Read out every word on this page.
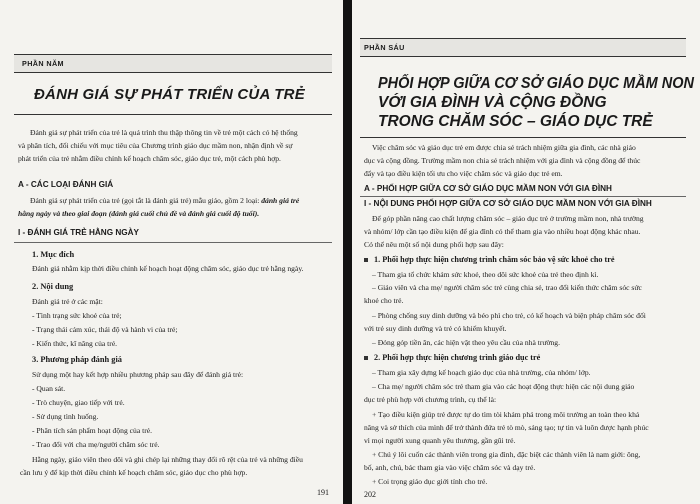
PHẦN NĂM
ĐÁNH GIÁ SỰ PHÁT TRIỂN CỦA TRẺ
Đánh giá sự phát triển của trẻ là quá trình thu thập thông tin về trẻ một cách có hệ thống
và phân tích, đối chiếu với mục tiêu của Chương trình giáo dục mầm non, nhận định về sự
phát triển của trẻ nhằm điều chỉnh kế hoạch chăm sóc, giáo dục trẻ, một cách phù hợp.
A - CÁC LOẠI ĐÁNH GIÁ
Đánh giá sự phát triển của trẻ (gọi tắt là đánh giá trẻ) mẫu giáo, gồm 2 loại: đánh giá trẻ
hằng ngày và theo giai đoạn (đánh giá cuối chủ đề và đánh giá cuối độ tuổi).
I - ĐÁNH GIÁ TRẺ HẰNG NGÀY
1. Mục đích
Đánh giá nhằm kịp thời điều chỉnh kế hoạch hoạt động chăm sóc, giáo dục trẻ hằng ngày.
2. Nội dung
Đánh giá trẻ ở các mặt:
- Tình trạng sức khoẻ của trẻ;
- Trạng thái cảm xúc, thái độ và hành vi của trẻ;
- Kiến thức, kĩ năng của trẻ.
3. Phương pháp đánh giá
Sử dụng một hay kết hợp nhiều phương pháp sau đây để đánh giá trẻ:
- Quan sát.
- Trò chuyện, giao tiếp với trẻ.
- Sử dụng tình huống.
- Phân tích sản phẩm hoạt động của trẻ.
- Trao đổi với cha mẹ/người chăm sóc trẻ.
Hằng ngày, giáo viên theo dõi và ghi chép lại những thay đổi rõ rệt của trẻ và những điều
cần lưu ý để kịp thời điều chỉnh kế hoạch chăm sóc, giáo dục cho phù hợp.
191
PHẦN SÁU
PHỐI HỢP GIỮA CƠ SỞ GIÁO DỤC MẦM NON
VỚI GIA ĐÌNH VÀ CỘNG ĐỒNG
TRONG CHĂM SÓC – GIÁO DỤC TRẺ
Việc chăm sóc và giáo dục trẻ em được chia sẻ trách nhiệm giữa gia đình, các nhà giáo
dục và cộng đồng. Trường mầm non chia sẻ trách nhiệm với gia đình và cộng đồng để thúc
đẩy và tạo điều kiện tối ưu cho việc chăm sóc và giáo dục trẻ em.
A - PHỐI HỢP GIỮA CƠ SỞ GIÁO DỤC MẦM NON VỚI GIA ĐÌNH
I - NỘI DUNG PHỐI HỢP GIỮA CƠ SỞ GIÁO DỤC MẦM NON VỚI GIA ĐÌNH
Để góp phần nâng cao chất lượng chăm sóc – giáo dục trẻ ở trường mầm non, nhà trường
và nhóm/ lớp cần tạo điều kiện để gia đình có thể tham gia vào nhiều hoạt động khác nhau.
Có thể nêu một số nội dung phối hợp sau đây:
1. Phối hợp thực hiện chương trình chăm sóc bảo vệ sức khoẻ cho trẻ
– Tham gia tổ chức khám sức khoẻ, theo dõi sức khoẻ của trẻ theo định kì.
– Giáo viên và cha mẹ/ người chăm sóc trẻ cùng chia sẻ, trao đổi kiến thức chăm sóc sức
khoẻ cho trẻ.
– Phòng chống suy dinh dưỡng và béo phì cho trẻ, có kế hoạch và biện pháp chăm sóc đối
với trẻ suy dinh dưỡng và trẻ có khiếm khuyết.
– Đóng góp tiền ăn, các hiện vật theo yêu cầu của nhà trường.
2. Phối hợp thực hiện chương trình giáo dục trẻ
– Tham gia xây dựng kế hoạch giáo dục của nhà trường, của nhóm/ lớp.
– Cha mẹ/ người chăm sóc trẻ tham gia vào các hoạt động thực hiện các nội dung giáo
dục trẻ phù hợp với chương trình, cụ thể là:
+ Tạo điều kiện giúp trẻ được tự do tìm tòi khám phá trong môi trường an toàn theo khả
năng và sở thích của mình để trở thành đứa trẻ tò mò, sáng tạo; tự tin và luôn được hạnh phúc
vì mọi người xung quanh yêu thương, gần gũi trẻ.
+ Chú ý lôi cuốn các thành viên trong gia đình, đặc biệt các thành viên là nam giới: ông,
bố, anh, chú, bác tham gia vào việc chăm sóc và dạy trẻ.
+ Coi trọng giáo dục giới tính cho trẻ.
202
